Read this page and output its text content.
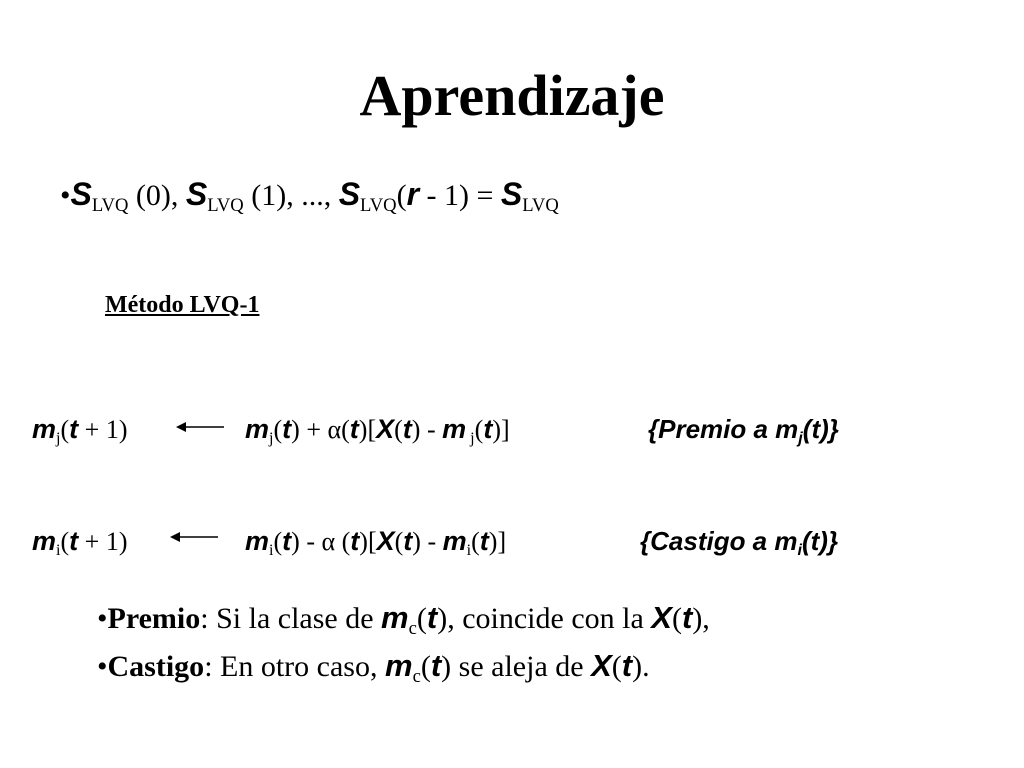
Aprendizaje
$•S_{LVQ}$ (0), $S_{LVQ}$ (1), ..., $S_{LVQ}(r - 1) = S_{LVQ}$
Método LVQ-1
$m_j(t + 1)$	$m_j(t) + \alpha(t)[X(t) - m$ $_j$(t)]	{Premio a $m_j(t)$}
$m_i(t + 1)$	$m_i(t)$ - α $(t)[X(t) - m_i(t)]$	{Castigo a $m_i(t)$}
•Premio: Si la clase de $m_c(t)$, coincide con la X(t),
•Castigo: En otro caso, $m_c(t)$ se aleja de X(t).
